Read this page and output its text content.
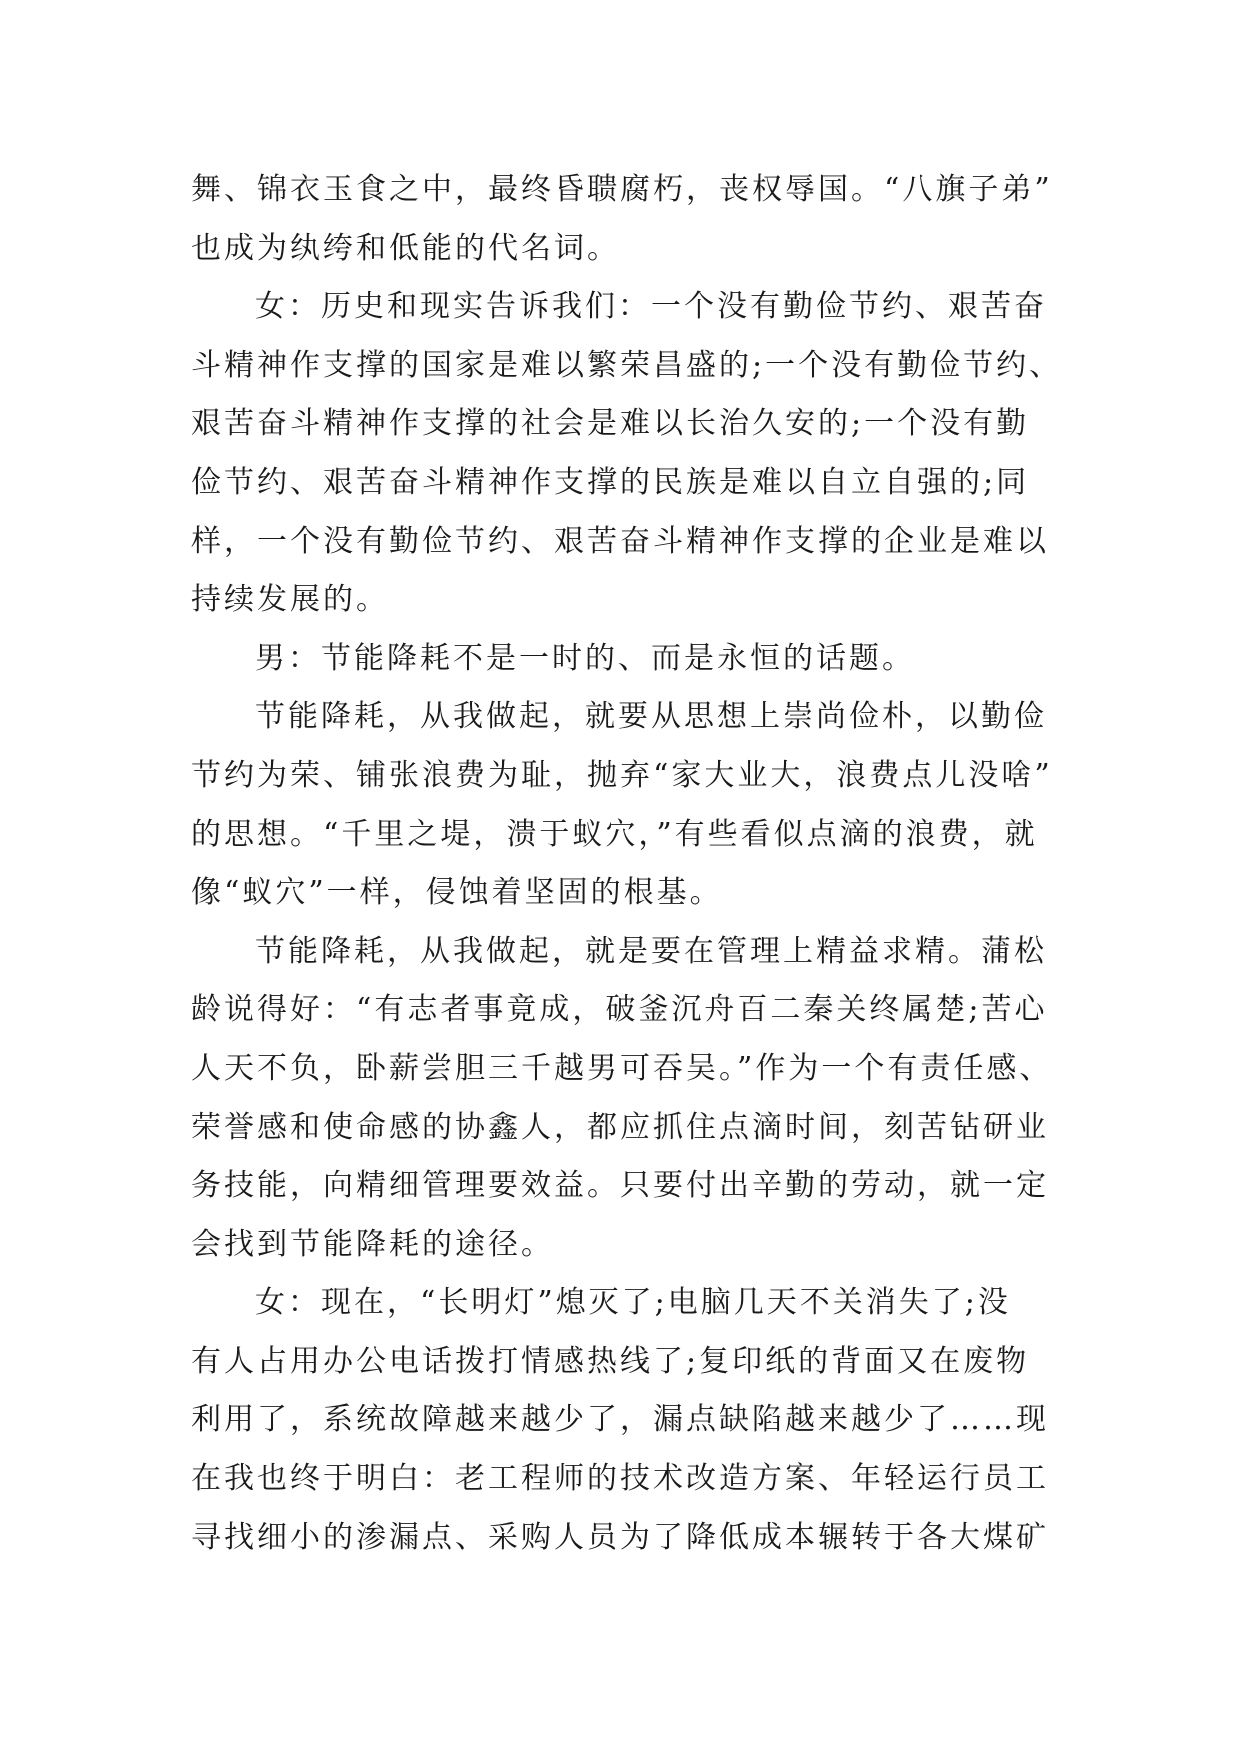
舞、锦衣玉食之中，最终昏聩腐朽，丧权辱国。“八旗子弟”
也成为纨绔和低能的代名词。
女：历史和现实告诉我们：一个没有勤俭节约、艰苦奋
斗精神作支撑的国家是难以繁荣昌盛的;一个没有勤俭节约、
艰苦奋斗精神作支撑的社会是难以长治久安的;一个没有勤
俭节约、艰苦奋斗精神作支撑的民族是难以自立自强的;同
样，一个没有勤俭节约、艰苦奋斗精神作支撑的企业是难以
持续发展的。
男：节能降耗不是一时的、而是永恒的话题。
节能降耗，从我做起，就要从思想上崇尚俭朴，以勤俭
节约为荣、铺张浪费为耻，抛弃“家大业大，浪费点儿没啥”
的思想。“千里之堤，溃于蚁穴，”有些看似点滴的浪费，就
像“蚁穴”一样，侵蚀着坚固的根基。
节能降耗，从我做起，就是要在管理上精益求精。蒲松
龄说得好：“有志者事竟成，破釜沉舟百二秦关终属楚;苦心
人天不负，卧薪尝胆三千越男可吞吴。”作为一个有责任感、
荣誉感和使命感的协鑫人，都应抓住点滴时间，刻苦钻研业
务技能，向精细管理要效益。只要付出辛勤的劳动，就一定
会找到节能降耗的途径。
女：现在，“长明灯”熄灭了;电脑几天不关消失了;没
有人占用办公电话拨打情感热线了;复印纸的背面又在废物
利用了，系统故障越来越少了，漏点缺陷越来越少了……现
在我也终于明白：老工程师的技术改造方案、年轻运行员工
寻找细小的渗漏点、采购人员为了降低成本辗转于各大煤矿
